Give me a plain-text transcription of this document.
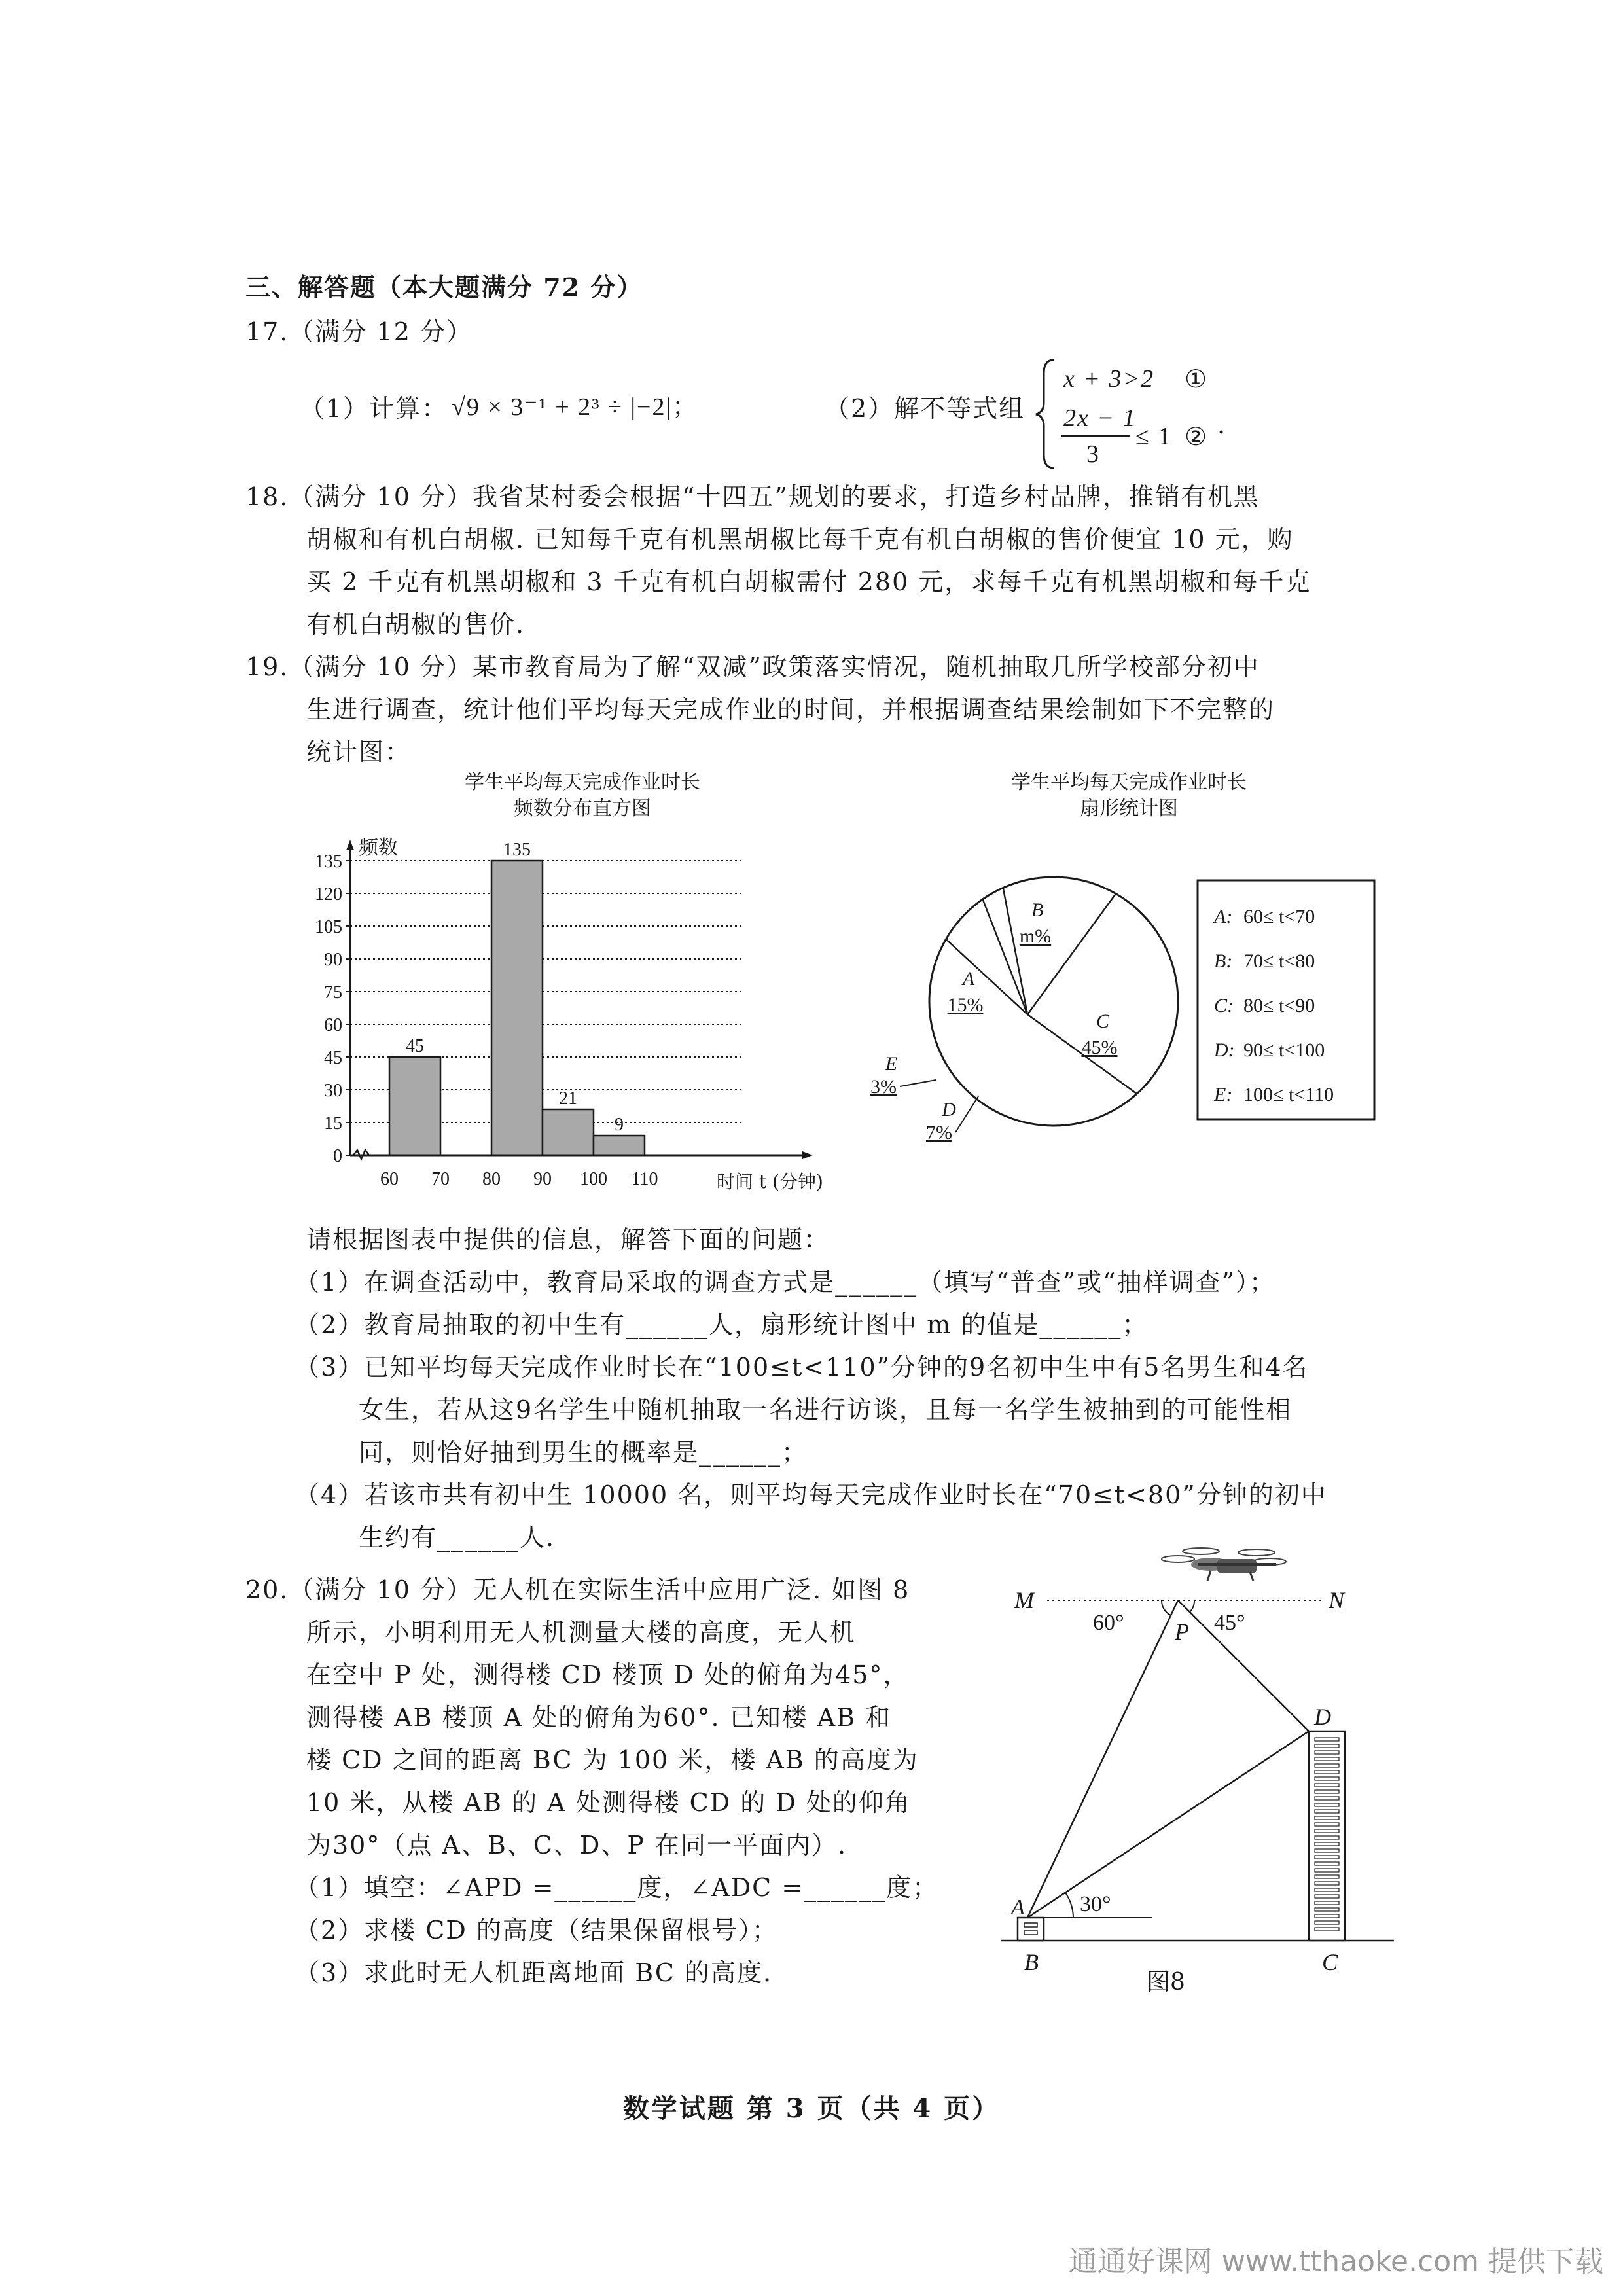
三、解答题（本大题满分 72 分）
17.（满分 12 分）
（1）计算： √9 × 3⁻¹ + 2³ ÷ |−2|；	（2）解不等式组
x + 3>2 ①
2x − 1
3
≤ 1 ② .
18.（满分 10 分）我省某村委会根据“十四五”规划的要求，打造乡村品牌，推销有机黑
胡椒和有机白胡椒. 已知每千克有机黑胡椒比每千克有机白胡椒的售价便宜 10 元，购
买 2 千克有机黑胡椒和 3 千克有机白胡椒需付 280 元，求每千克有机黑胡椒和每千克
有机白胡椒的售价.
19.（满分 10 分）某市教育局为了解“双减”政策落实情况，随机抽取几所学校部分初中
生进行调查，统计他们平均每天完成作业的时间，并根据调查结果绘制如下不完整的
统计图：
学生平均每天完成作业时长
频数分布直方图
45
135
21
9
频数
时间 t (分钟)
0
15
30
45
60
75
90
105
120
135
60 70 80 90 100 110
学生平均每天完成作业时长
扇形统计图
A
15%
B
m%
C
45%
D
7%
E
3%
A: 60≤ t<70
B: 70≤ t<80
C: 80≤ t<90
D: 90≤ t<100
E: 100≤ t<110
请根据图表中提供的信息，解答下面的问题：
（1）在调查活动中，教育局采取的调查方式是______（填写“普查”或“抽样调查”）；
（2）教育局抽取的初中生有______人，扇形统计图中 m 的值是______；
（3）已知平均每天完成作业时长在“100≤t<110”分钟的9名初中生中有5名男生和4名
女生，若从这9名学生中随机抽取一名进行访谈，且每一名学生被抽到的可能性相
同，则恰好抽到男生的概率是______；
（4）若该市共有初中生 10000 名，则平均每天完成作业时长在“70≤t<80”分钟的初中
生约有______人.
20.（满分 10 分）无人机在实际生活中应用广泛. 如图 8
所示，小明利用无人机测量大楼的高度，无人机
在空中 P 处，测得楼 CD 楼顶 D 处的俯角为45°，
测得楼 AB 楼顶 A 处的俯角为60°. 已知楼 AB 和
楼 CD 之间的距离 BC 为 100 米，楼 AB 的高度为
10 米，从楼 AB 的 A 处测得楼 CD 的 D 处的仰角
为30°（点 A、B、C、D、P 在同一平面内）.
（1）填空：∠APD =______度，∠ADC =______度；
（2）求楼 CD 的高度（结果保留根号）；
（3）求此时无人机距离地面 BC 的高度.
M	N
60° P 45°
30°
D
A
B	C
图8
数学试题 第 3 页（共 4 页）
通通好课网 www.tthaoke.com 提供下载
